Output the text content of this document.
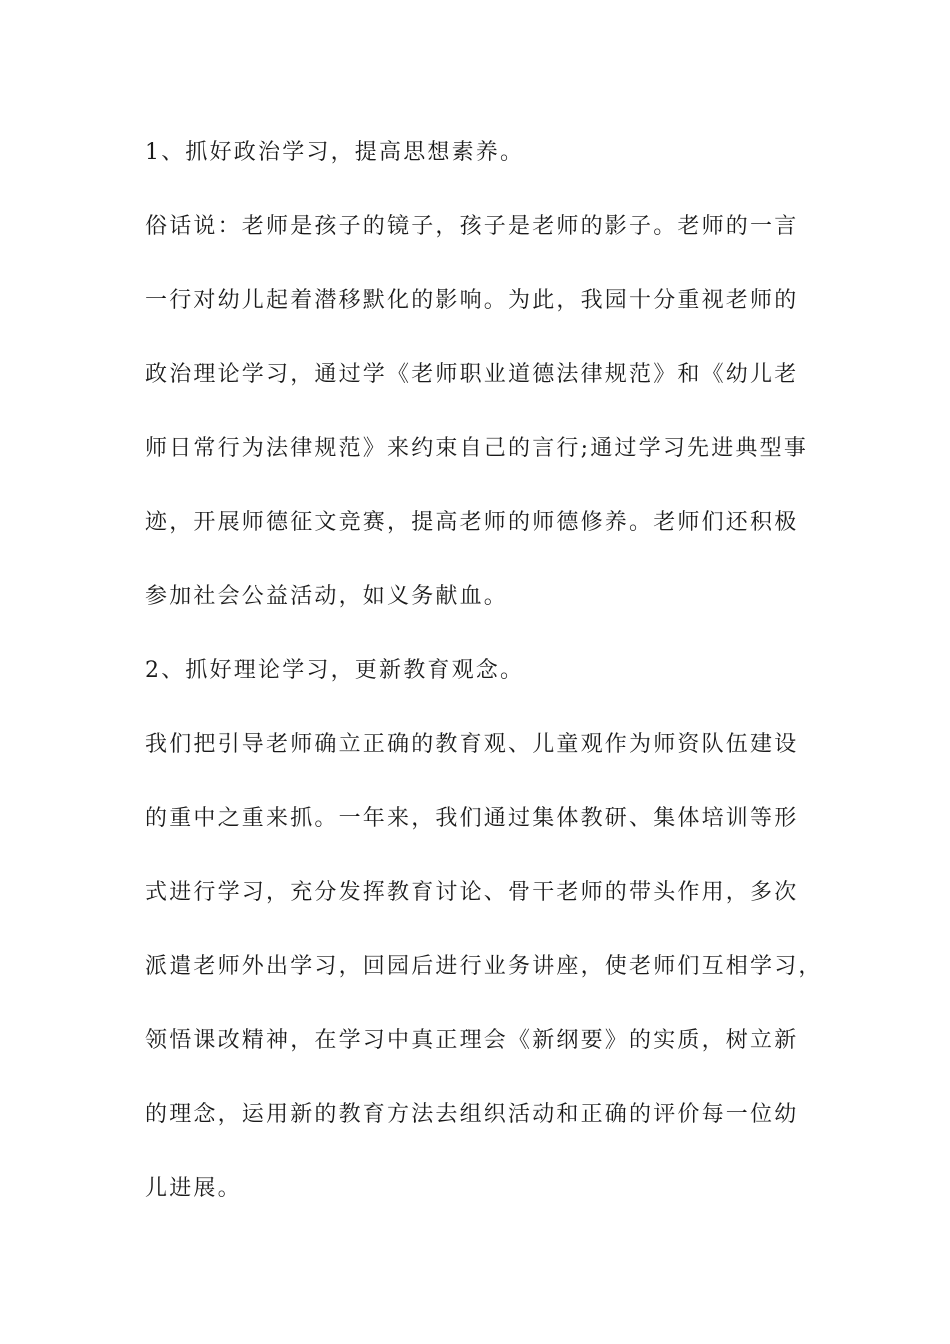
1、抓好政治学习，提高思想素养。
俗话说：老师是孩子的镜子，孩子是老师的影子。老师的一言
一行对幼儿起着潜移默化的影响。为此，我园十分重视老师的
政治理论学习，通过学《老师职业道德法律规范》和《幼儿老
师日常行为法律规范》来约束自己的言行;通过学习先进典型事
迹，开展师德征文竞赛，提高老师的师德修养。老师们还积极
参加社会公益活动，如义务献血。
2、抓好理论学习，更新教育观念。
我们把引导老师确立正确的教育观、儿童观作为师资队伍建设
的重中之重来抓。一年来，我们通过集体教研、集体培训等形
式进行学习，充分发挥教育讨论、骨干老师的带头作用，多次
派遣老师外出学习，回园后进行业务讲座，使老师们互相学习，
领悟课改精神，在学习中真正理会《新纲要》的实质，树立新
的理念，运用新的教育方法去组织活动和正确的评价每一位幼
儿进展。
